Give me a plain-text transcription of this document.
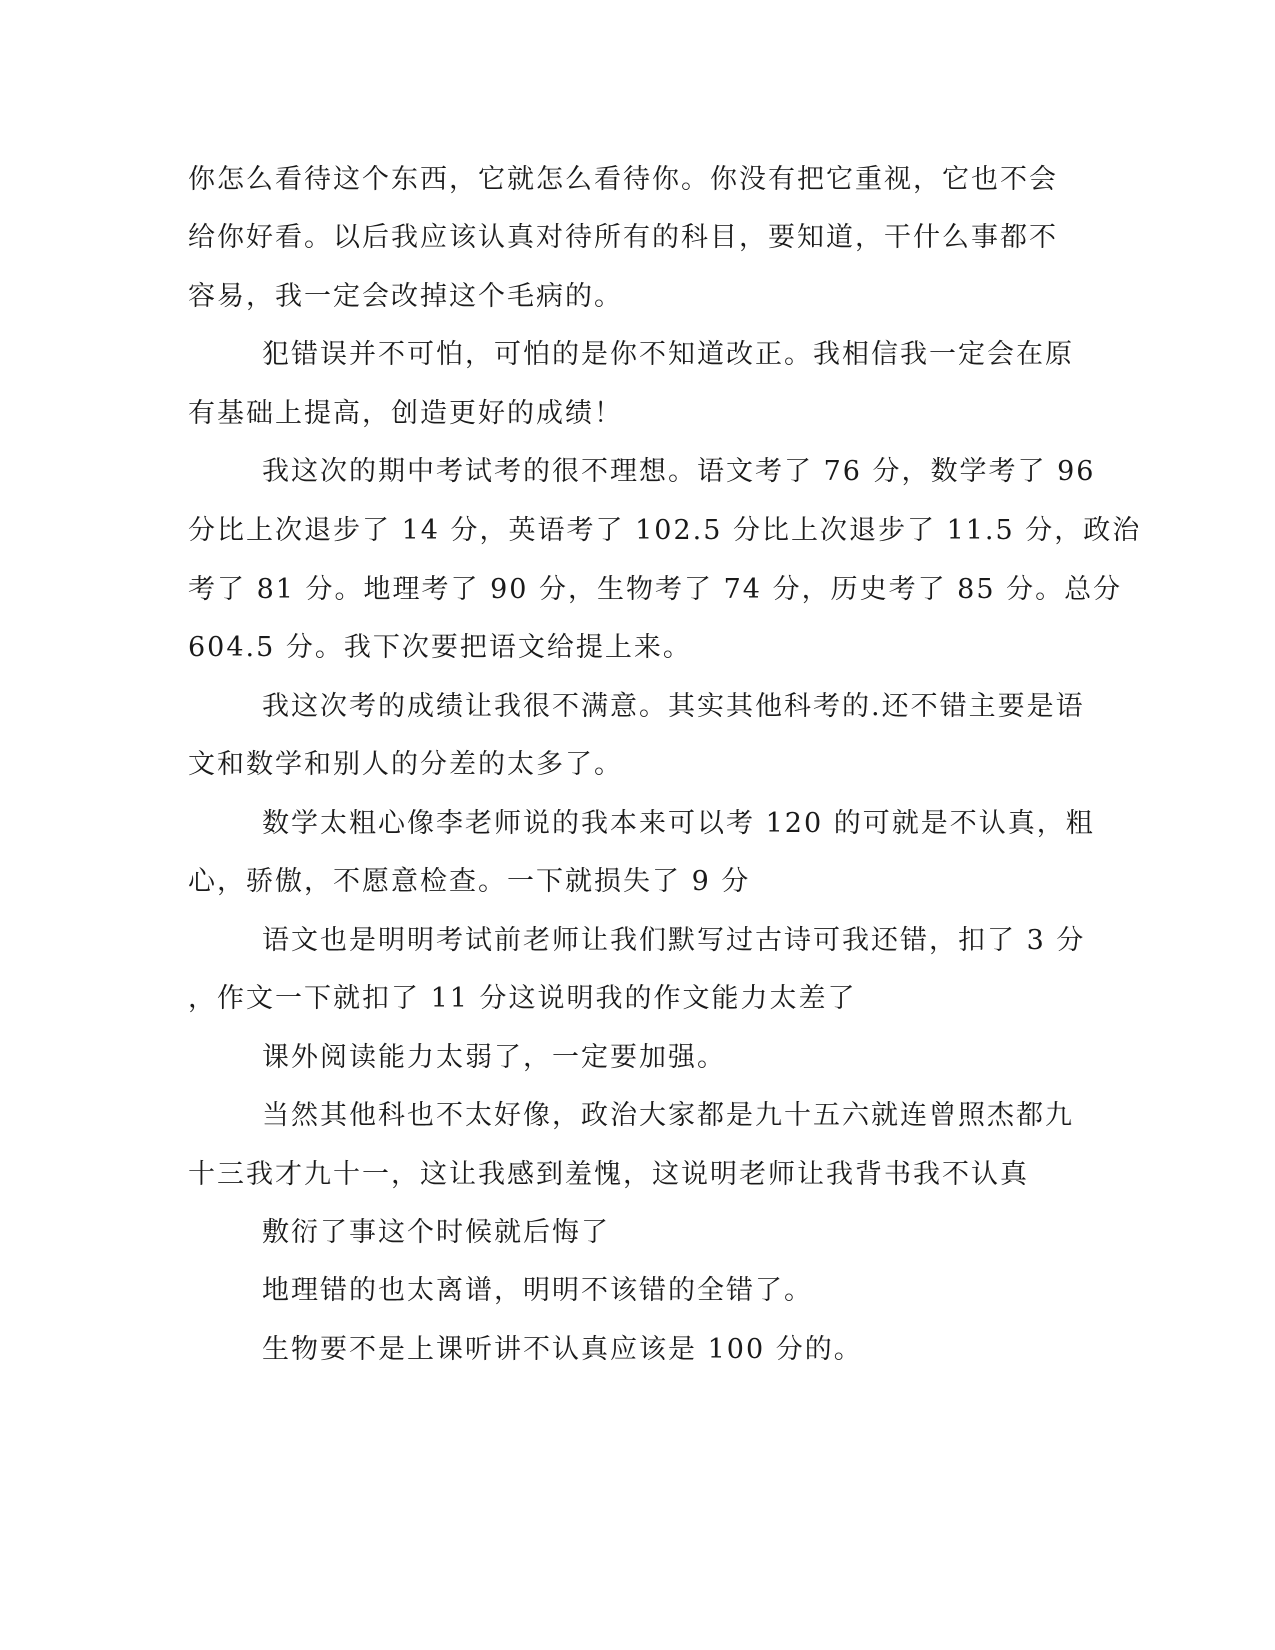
你怎么看待这个东西，它就怎么看待你。你没有把它重视，它也不会
给你好看。以后我应该认真对待所有的科目，要知道，干什么事都不
容易，我一定会改掉这个毛病的。
犯错误并不可怕，可怕的是你不知道改正。我相信我一定会在原
有基础上提高，创造更好的成绩！
我这次的期中考试考的很不理想。语文考了 76 分，数学考了 96
分比上次退步了 14 分，英语考了 102.5 分比上次退步了 11.5 分，政治
考了 81 分。地理考了 90 分，生物考了 74 分，历史考了 85 分。总分
604.5 分。我下次要把语文给提上来。
我这次考的成绩让我很不满意。其实其他科考的.还不错主要是语
文和数学和别人的分差的太多了。
数学太粗心像李老师说的我本来可以考 120 的可就是不认真，粗
心，骄傲，不愿意检查。一下就损失了 9 分
语文也是明明考试前老师让我们默写过古诗可我还错，扣了 3 分
，作文一下就扣了 11 分这说明我的作文能力太差了
课外阅读能力太弱了，一定要加强。
当然其他科也不太好像，政治大家都是九十五六就连曾照杰都九
十三我才九十一，这让我感到羞愧，这说明老师让我背书我不认真
敷衍了事这个时候就后悔了
地理错的也太离谱，明明不该错的全错了。
生物要不是上课听讲不认真应该是 100 分的。
